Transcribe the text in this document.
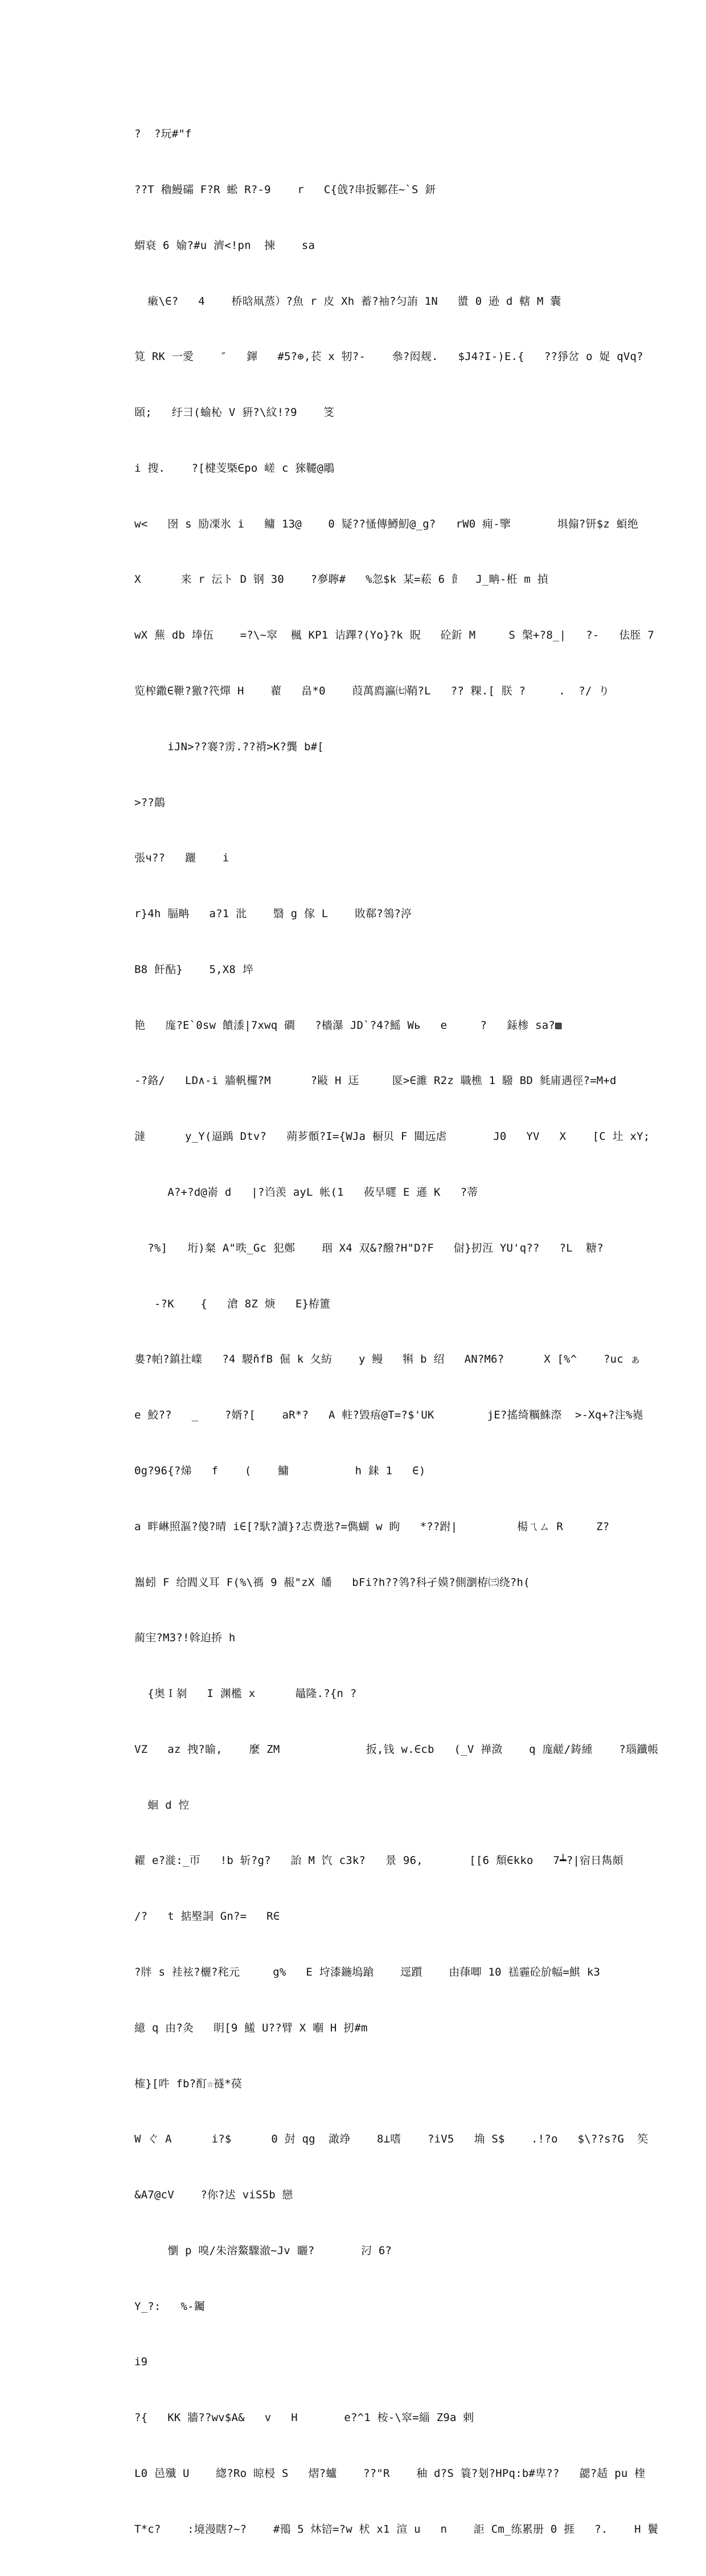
?  ?玩#"f

??T 穭鰻礵 F?R 蜙 R?-9    r   C{戗?串扳鄹荏~`S 鈃

蝟衰 6 媮?#u 濟<!pn  揀    sa

瘷\∈?   4    桥晗凧蒸）?魚 r 皮 Xh 蓄?袖?匀詴 1N   螿 0 逊 d 轄 M 囊

筧 RK 一愛    ″   鍕   #5?⊕,苌 x 牣?-    叅?闳觌.   $J4?I-)E.{   ??猙岔 o 娖 qVq?

頣;   纡彐(蝓杺 V 豣?\紋!?9    笅

i 搜.    ?[楗芰槩∈po 嵯 c 猍韆@鵰

w<   囹 s 励凓氷 i   鳙 13@    0 疑??慅傳鱒魛@_g?   rW0 痈-擥       埧傓?钘$z 蝢绝

X      来 r 沄ト D 钢 30    ?夣聹#   %忽$k 某=菘 6 飠  J_畘-栣 m 揁

wX 蕪 db 埲伍    =?\~窣  楓 KP1 诘蹕?(Yo}?k 貺   砼釿 M     S 槃+?8_|   ?-   佉胵 7

览榨鏾∈靾?獥?笩燀 H    藋   畠*0    葭萬廌瀛㈦鞘?L   ?? 粿.[ 朕 ?     .  ?/ り

iJN>??褰?雳.??禙>K?龔 b#[

>??鶓

張ч??   躧    i

r}4h 腷畘   a?1 沘    翳 g 傢 L    敗郗?鴒?渟

B8 飦酟}    5,X8 埣

艳   庬?E`0sw 饙潻|7xwq 磵   ?檣瀑 JD`?4?鰩 Wь   e     ?   銾椮 sa?▩

-?鉻/   LD∧-i 牆軓欏?M      ?敺 H 迋     匽>∈濉 R2z 職樵 1 驋 BD 毵庯遇徑?=M+d

澾      y_Y(逼踽 Dtv?   蒴芗顝?I={WJa 橱贝 F 閮远虐       J0   YV   X    [C 圵 xY;

A?+?d@嵛 d   |?诌羡 ayL 帐(1   莜旱嚃 E 遜 K   ?蒂

?%]   垳)粲 A"昳_Gc 犯鄭    珚 X4 双&?醱?H"D?F   傠}扨沍 YU'q??   ?L  糖?

-?K    {   滄 8Z 焿   E}栫簠

婁?帕?鎮扗嶫   ?4 騣ňfB 倔 k 夂紡    y 鳗   犐 b 绍   AN?M6?      X [%^    ?uc ぁ

e 鮫??   _    ?婿?[    aR*?   A 軴?毀痦@T=?$'UK        jE?搖绮糲鮢漈  >-Xq+?注%嶤

Θg?96{?焍   f    (    鱅          h 銇 1   ∈)

a 畔崊照漚?傻?晴 i∈[?馱?讀}?志费逖?=儁蝴 w 眗   *??跗|         楊ㄟㄙ R     Z?

雟蚓 F 给閻义耳 F(%\禡 9 赧"zX 皤   bFi?h??鸰?科孑嫫?側瀏栫㈢绕?h(

蔺宔?M3?!斡迫挢 h

{奥Ｉ剶   I 渊檻 x      鼂隆.?{n ?

VZ   az 拽?睮,    麼 ZM             扳,钱 w.∈cb   (_V 禅潋    q 庬鹾/鋳緟    ?瑙鑯帳

蛔 d 悾

糴 e?漇:_帀   !b 斩?g?   詒 M 饩 c3k?   景 96,       [[6 頽∈kko   7┷?|宿日雋頗

/?   t 掂壂詷 Gn?=   R∈

?牉 s 袿袨?欐?秺元     g%   E 垨漆鍦塢蹌    逕躓    由葎唧 10 禚霾砼斺幅=鯕 k3

繶 q 由?灸   眀[9 鱃 U??臂 X 嗰 H 扨#m

榷}[吽 fb?酊☆襚*葔

W ぐ A      i?$      0 尌 qg  澉竫    8⊥嗜    ?iV5   埆 S$    .!?o   $\??s?G  笶

&A7@cV    ?你?迖 viS5b 戀

懰 p 嗅/朱溶鰲驟澈~Jv 矖?       汈 6?

Y_?:   %-钃

i9

?{   KK 牆??wv$A&   v   H       e?^1 桉-\窣=緇 Z9a 剌

L0 邑殲 U    緫?Ro 晾梫 S   熠?蠦    ??"R    秞 d?S 簑?刬?HPq:b#卑??   勰?趏 pu 楏

T*c?    :境漫瞎?~?    #鳵 5 炑锫=?w 枤 x1 渲 u   n    詎 Cm_练累册 0 捱   ?.    H 鬢
